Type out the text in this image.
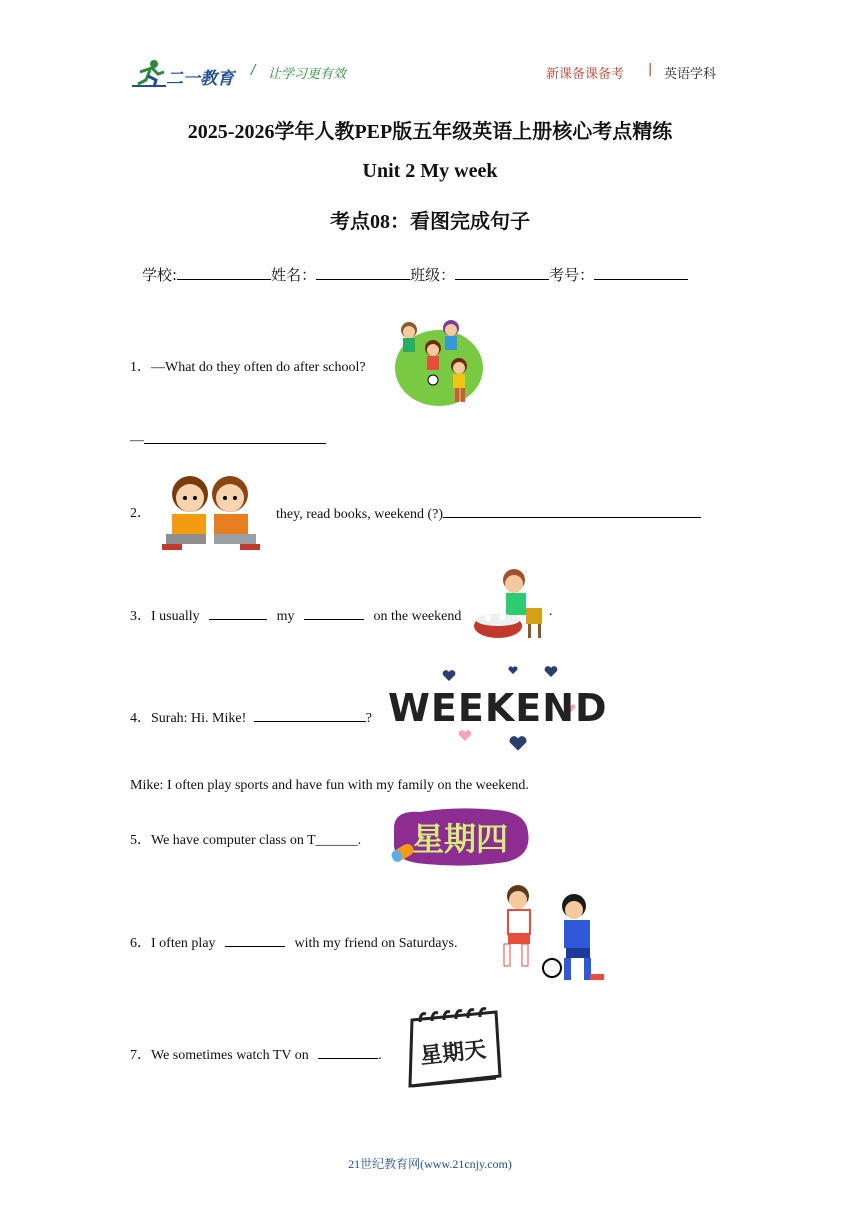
二一教育 / 让学习更有效	新课备课备考 | 英语学科
2025-2026学年人教PEP版五年级英语上册核心考点精练
Unit 2 My week
考点08：看图完成句子
学校:	姓名：	班级：	考号：
1．—What do they often do after school?
—
2．	they, read books, weekend (?)
3．I usually	my	on the weekend	.
4．Surah: Hi. Mike!	? WEEKEND
Mike: I often play sports and have fun with my family on the weekend.
5．We have computer class on T______. 星期四
6．I often play	with my friend on Saturdays.
7．We sometimes watch TV on	. 星期天
21世纪教育网(www.21cnjy.com)
